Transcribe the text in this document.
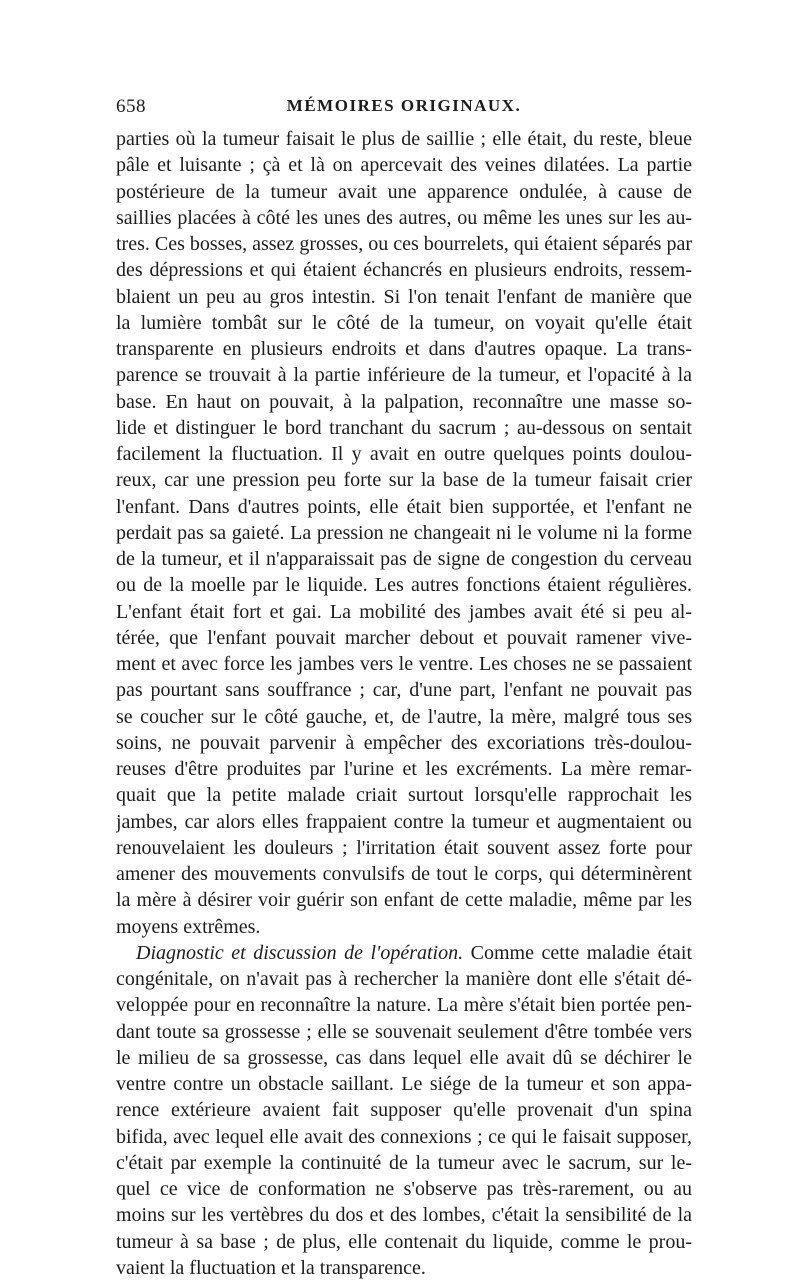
658	MÉMOIRES ORIGINAUX.
parties où la tumeur faisait le plus de saillie ; elle était, du reste, bleue
pâle et luisante ; çà et là on apercevait des veines dilatées. La partie
postérieure de la tumeur avait une apparence ondulée, à cause de
saillies placées à côté les unes des autres, ou même les unes sur les au-
tres. Ces bosses, assez grosses, ou ces bourrelets, qui étaient séparés par
des dépressions et qui étaient échancrés en plusieurs endroits, ressem-
blaient un peu au gros intestin. Si l'on tenait l'enfant de manière que
la lumière tombât sur le côté de la tumeur, on voyait qu'elle était
transparente en plusieurs endroits et dans d'autres opaque. La trans-
parence se trouvait à la partie inférieure de la tumeur, et l'opacité à la
base. En haut on pouvait, à la palpation, reconnaître une masse so-
lide et distinguer le bord tranchant du sacrum ; au-dessous on sentait
facilement la fluctuation. Il y avait en outre quelques points doulou-
reux, car une pression peu forte sur la base de la tumeur faisait crier
l'enfant. Dans d'autres points, elle était bien supportée, et l'enfant ne
perdait pas sa gaieté. La pression ne changeait ni le volume ni la forme
de la tumeur, et il n'apparaissait pas de signe de congestion du cerveau
ou de la moelle par le liquide. Les autres fonctions étaient régulières.
L'enfant était fort et gai. La mobilité des jambes avait été si peu al-
térée, que l'enfant pouvait marcher debout et pouvait ramener vive-
ment et avec force les jambes vers le ventre. Les choses ne se passaient
pas pourtant sans souffrance ; car, d'une part, l'enfant ne pouvait pas
se coucher sur le côté gauche, et, de l'autre, la mère, malgré tous ses
soins, ne pouvait parvenir à empêcher des excoriations très-doulou-
reuses d'être produites par l'urine et les excréments. La mère remar-
quait que la petite malade criait surtout lorsqu'elle rapprochait les
jambes, car alors elles frappaient contre la tumeur et augmentaient ou
renouvelaient les douleurs ; l'irritation était souvent assez forte pour
amener des mouvements convulsifs de tout le corps, qui déterminèrent
la mère à désirer voir guérir son enfant de cette maladie, même par les
moyens extrêmes.
Diagnostic et discussion de l'opération. Comme cette maladie était
congénitale, on n'avait pas à rechercher la manière dont elle s'était dé-
veloppée pour en reconnaître la nature. La mère s'était bien portée pen-
dant toute sa grossesse ; elle se souvenait seulement d'être tombée vers
le milieu de sa grossesse, cas dans lequel elle avait dû se déchirer le
ventre contre un obstacle saillant. Le siége de la tumeur et son appa-
rence extérieure avaient fait supposer qu'elle provenait d'un spina
bifida, avec lequel elle avait des connexions ; ce qui le faisait supposer,
c'était par exemple la continuité de la tumeur avec le sacrum, sur le-
quel ce vice de conformation ne s'observe pas très-rarement, ou au
moins sur les vertèbres du dos et des lombes, c'était la sensibilité de la
tumeur à sa base ; de plus, elle contenait du liquide, comme le prou-
vaient la fluctuation et la transparence.
